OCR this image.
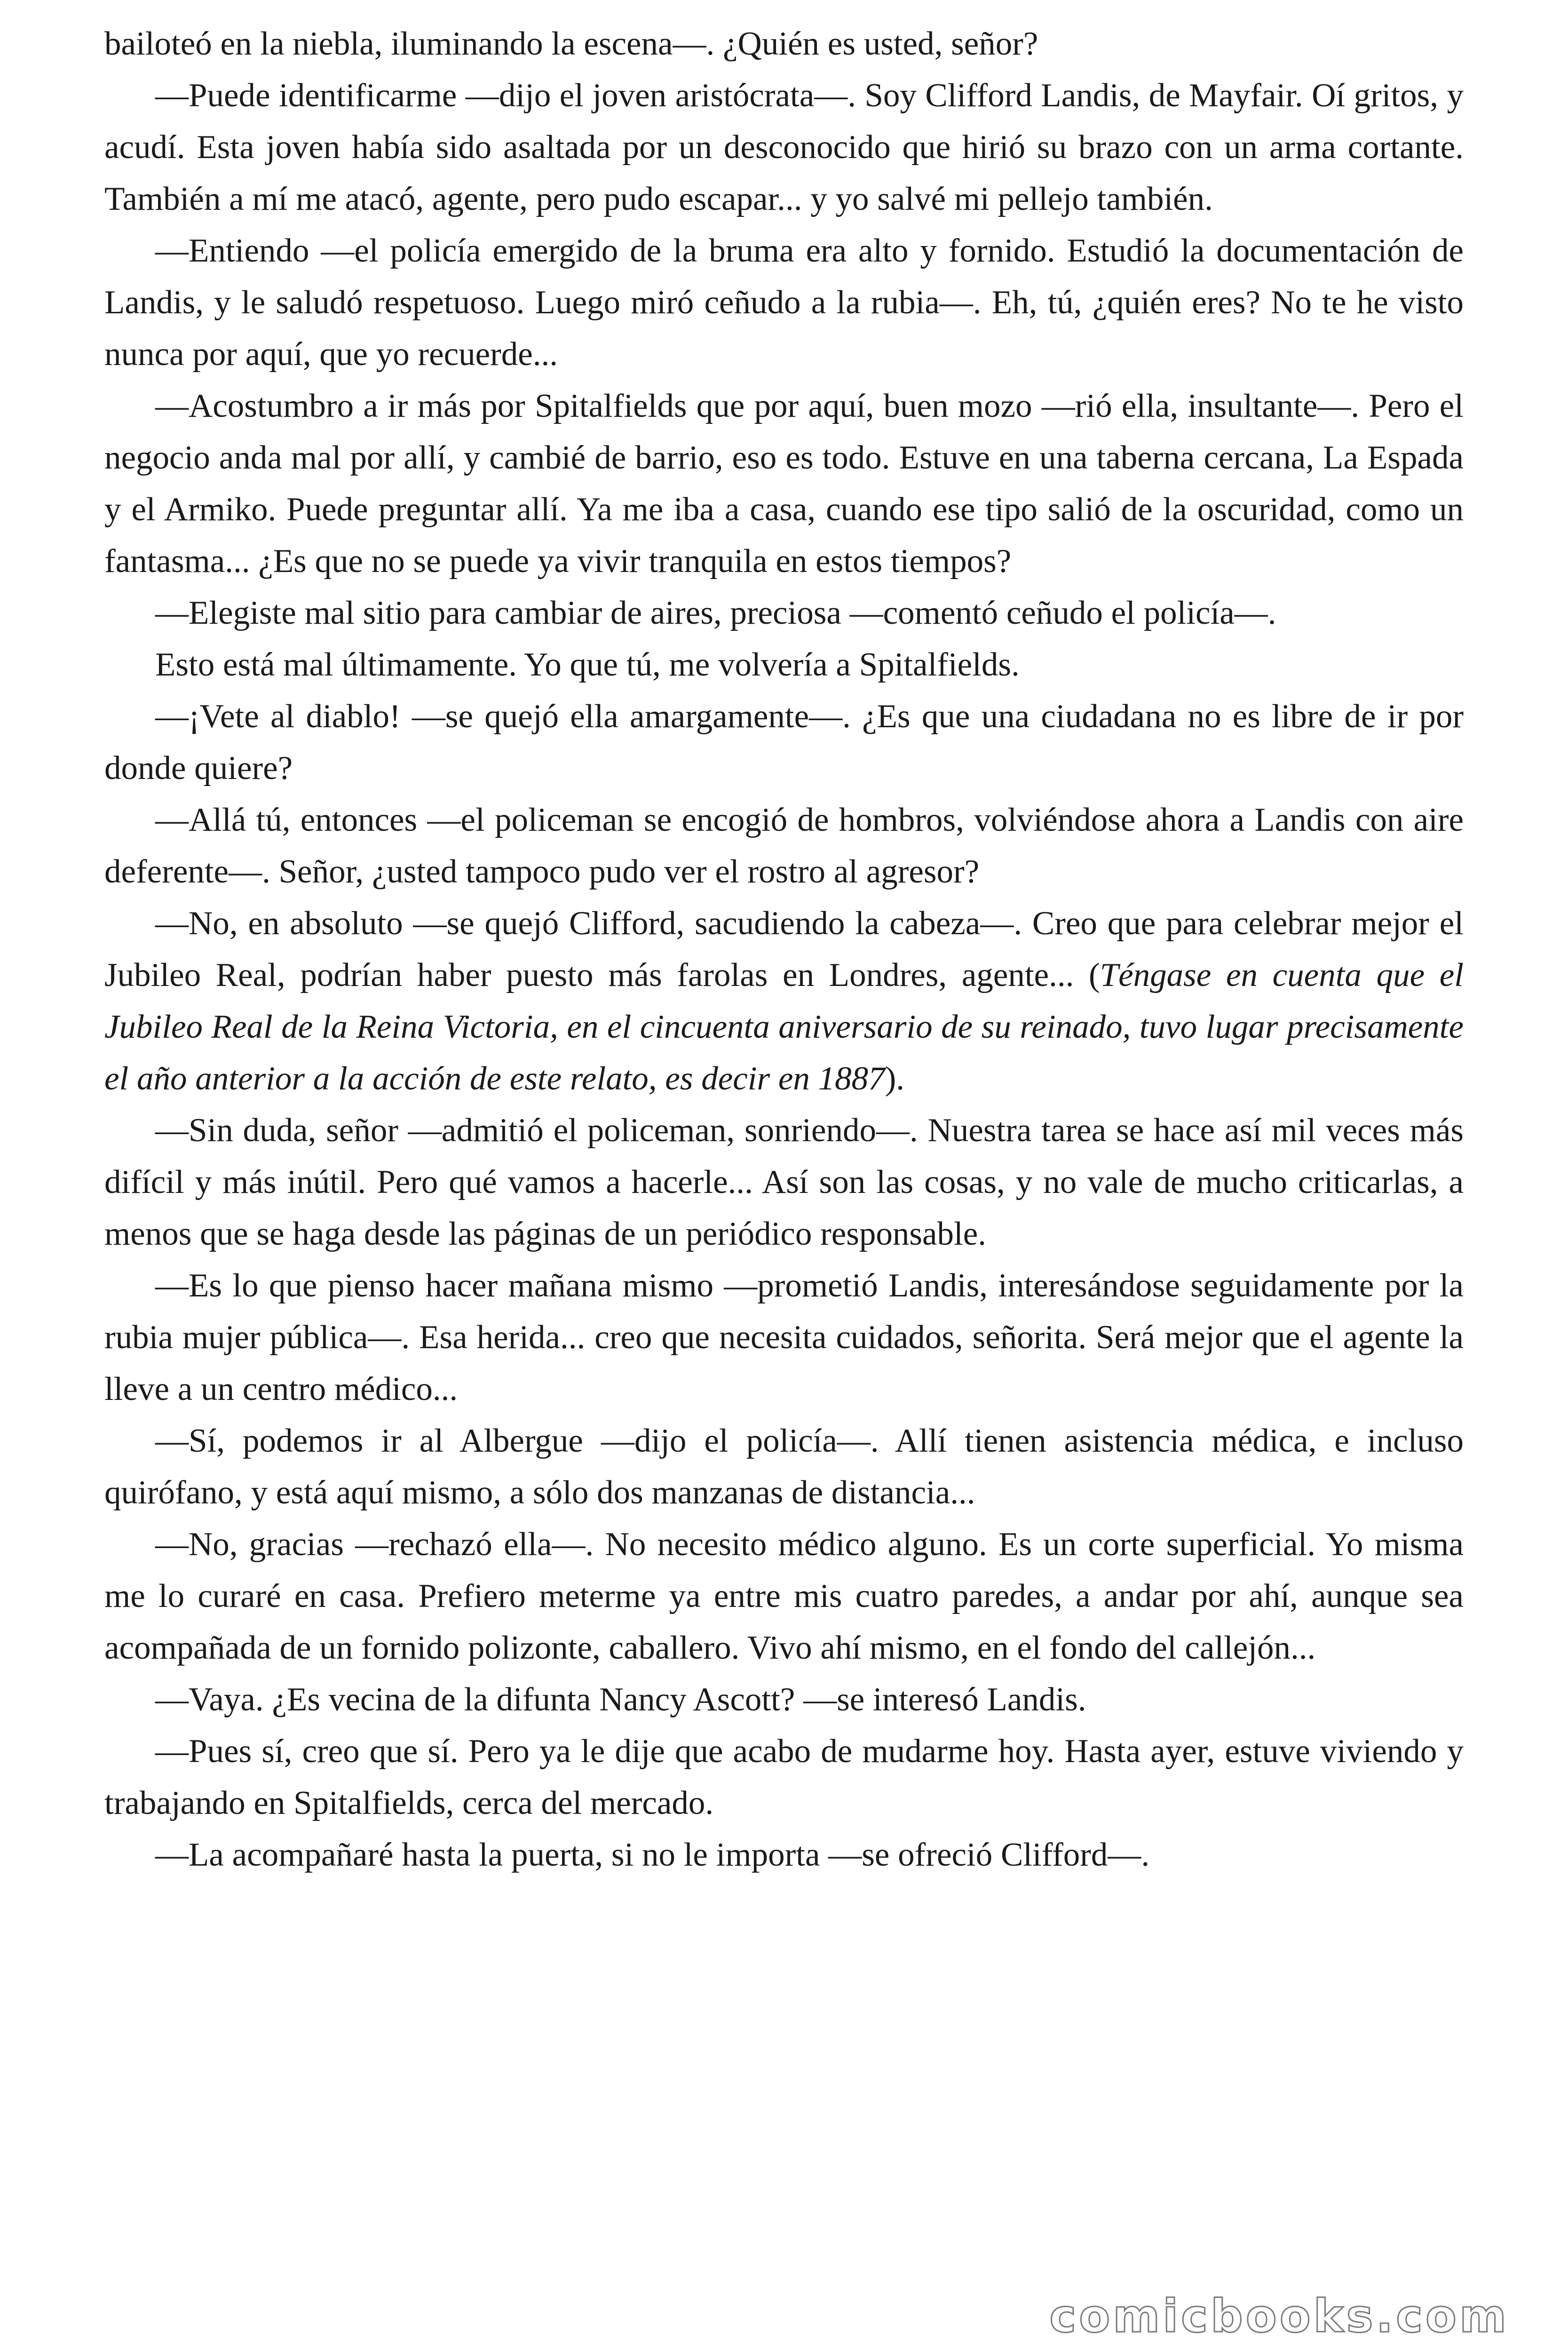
bailoteó en la niebla, iluminando la escena—. ¿Quién es usted, señor?

—Puede identificarme —dijo el joven aristócrata—. Soy Clifford Landis, de Mayfair. Oí gritos, y acudí. Esta joven había sido asaltada por un desconocido que hirió su brazo con un arma cortante. También a mí me atacó, agente, pero pudo escapar... y yo salvé mi pellejo también.

—Entiendo —el policía emergido de la bruma era alto y fornido. Estudió la documentación de Landis, y le saludó respetuoso. Luego miró ceñudo a la rubia—. Eh, tú, ¿quién eres? No te he visto nunca por aquí, que yo recuerde...

—Acostumbro a ir más por Spitalfields que por aquí, buen mozo —rió ella, insultante—. Pero el negocio anda mal por allí, y cambié de barrio, eso es todo. Estuve en una taberna cercana, La Espada y el Armiko. Puede preguntar allí. Ya me iba a casa, cuando ese tipo salió de la oscuridad, como un fantasma... ¿Es que no se puede ya vivir tranquila en estos tiempos?

—Elegiste mal sitio para cambiar de aires, preciosa —comentó ceñudo el policía—.

Esto está mal últimamente. Yo que tú, me volvería a Spitalfields.

—¡Vete al diablo! —se quejó ella amargamente—. ¿Es que una ciudadana no es libre de ir por donde quiere?

—Allá tú, entonces —el policeman se encogió de hombros, volviéndose ahora a Landis con aire deferente—. Señor, ¿usted tampoco pudo ver el rostro al agresor?

—No, en absoluto —se quejó Clifford, sacudiendo la cabeza—. Creo que para celebrar mejor el Jubileo Real, podrían haber puesto más farolas en Londres, agente... (Téngase en cuenta que el Jubileo Real de la Reina Victoria, en el cincuenta aniversario de su reinado, tuvo lugar precisamente el año anterior a la acción de este relato, es decir en 1887).

—Sin duda, señor —admitió el policeman, sonriendo—. Nuestra tarea se hace así mil veces más difícil y más inútil. Pero qué vamos a hacerle... Así son las cosas, y no vale de mucho criticarlas, a menos que se haga desde las páginas de un periódico responsable.

—Es lo que pienso hacer mañana mismo —prometió Landis, interesándose seguidamente por la rubia mujer pública—. Esa herida... creo que necesita cuidados, señorita. Será mejor que el agente la lleve a un centro médico...

—Sí, podemos ir al Albergue —dijo el policía—. Allí tienen asistencia médica, e incluso quirófano, y está aquí mismo, a sólo dos manzanas de distancia...

—No, gracias —rechazó ella—. No necesito médico alguno. Es un corte superficial. Yo misma me lo curaré en casa. Prefiero meterme ya entre mis cuatro paredes, a andar por ahí, aunque sea acompañada de un fornido polizonte, caballero. Vivo ahí mismo, en el fondo del callejón...

—Vaya. ¿Es vecina de la difunta Nancy Ascott? —se interesó Landis.

—Pues sí, creo que sí. Pero ya le dije que acabo de mudarme hoy. Hasta ayer, estuve viviendo y trabajando en Spitalfields, cerca del mercado.

—La acompañaré hasta la puerta, si no le importa —se ofreció Clifford—.

comicbooks.com
